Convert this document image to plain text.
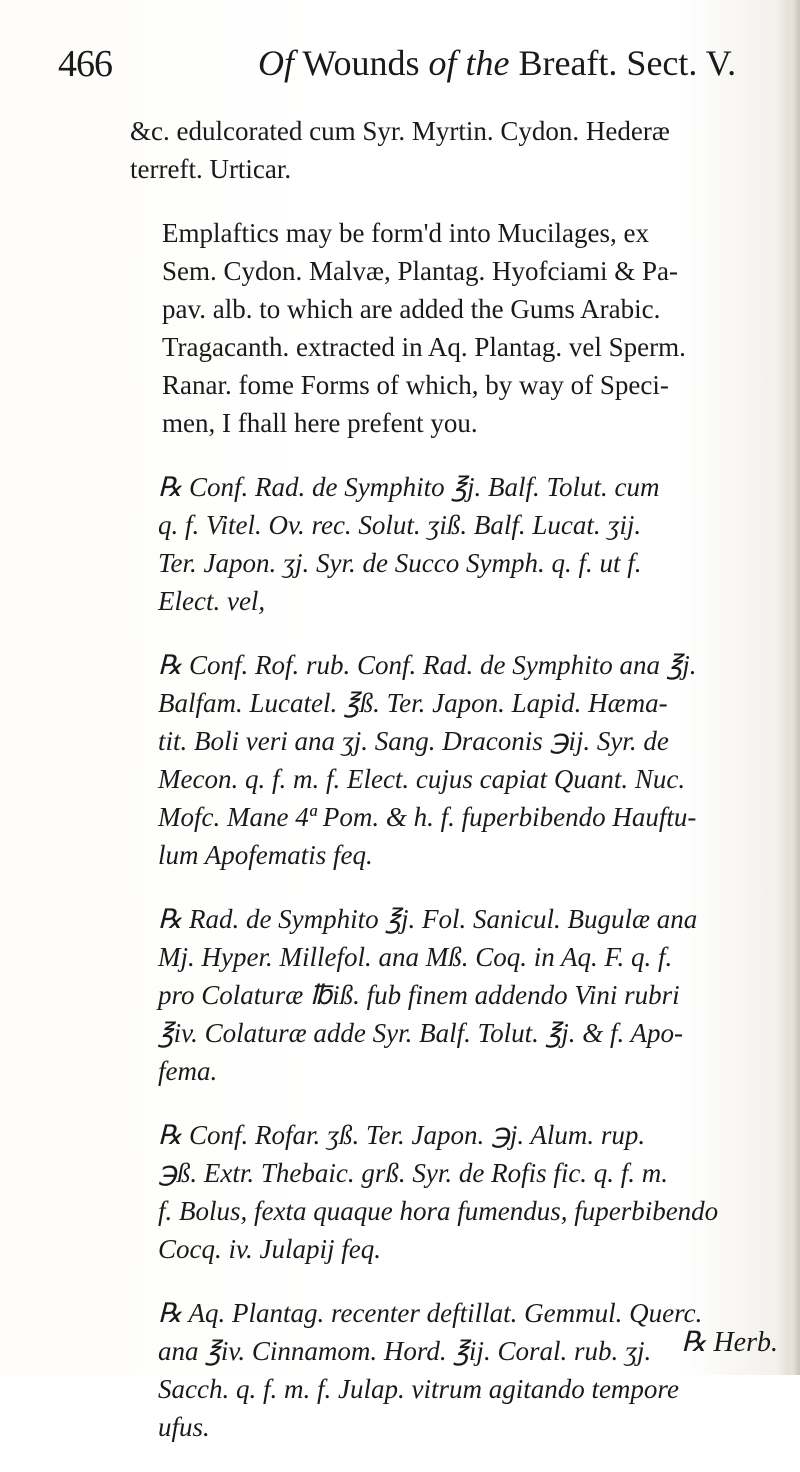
466	Of Wounds of the Breaft. Sect. V.

&c. edulcorated cum Syr. Myrtin. Cydon. Hederæ
terreft. Urticar.

Emplaftics may be form'd into Mucilages, ex
Sem. Cydon. Malvæ, Plantag. Hyofciami & Pa-
pav. alb. to which are added the Gums Arabic.
Tragacanth. extracted in Aq. Plantag. vel Sperm.
Ranar. fome Forms of which, by way of Speci-
men, I fhall here prefent you.

℞ Conf. Rad. de Symphito ℥j. Balf. Tolut. cum
q. f. Vitel. Ov. rec. Solut. ʒiß. Balf. Lucat. ʒij.
Ter. Japon. ʒj. Syr. de Succo Symph. q. f. ut f.
Elect. vel,

℞ Conf. Rof. rub. Conf. Rad. de Symphito ana ℥j.
Balfam. Lucatel. ℥ß. Ter. Japon. Lapid. Hæma-
tit. Boli veri ana ʒj. Sang. Draconis ℈ij. Syr. de
Mecon. q. f. m. f. Elect. cujus capiat Quant. Nuc.
Mofc. Mane 4ª Pom. & h. f. fuperbibendo Hauftu-
lum Apofematis feq.

℞ Rad. de Symphito ℥j. Fol. Sanicul. Bugulæ ana
Mj. Hyper. Millefol. ana Mß. Coq. in Aq. F. q. f.
pro Colaturæ ℔iß. fub finem addendo Vini rubri
℥iv. Colaturæ adde Syr. Balf. Tolut. ℥j. & f. Apo-
fema.

℞ Conf. Rofar. ʒß. Ter. Japon. ℈j. Alum. rup.
℈ß. Extr. Thebaic. grß. Syr. de Rofis fic. q. f. m.
f. Bolus, fexta quaque hora fumendus, fuperbibendo
Cocq. iv. Julapij feq.

℞ Aq. Plantag. recenter deftillat. Gemmul. Querc.
ana ℥iv. Cinnamom. Hord. ℥ij. Coral. rub. ʒj.
Sacch. q. f. m. f. Julap. vitrum agitando tempore
ufus.

℞ Herb.
